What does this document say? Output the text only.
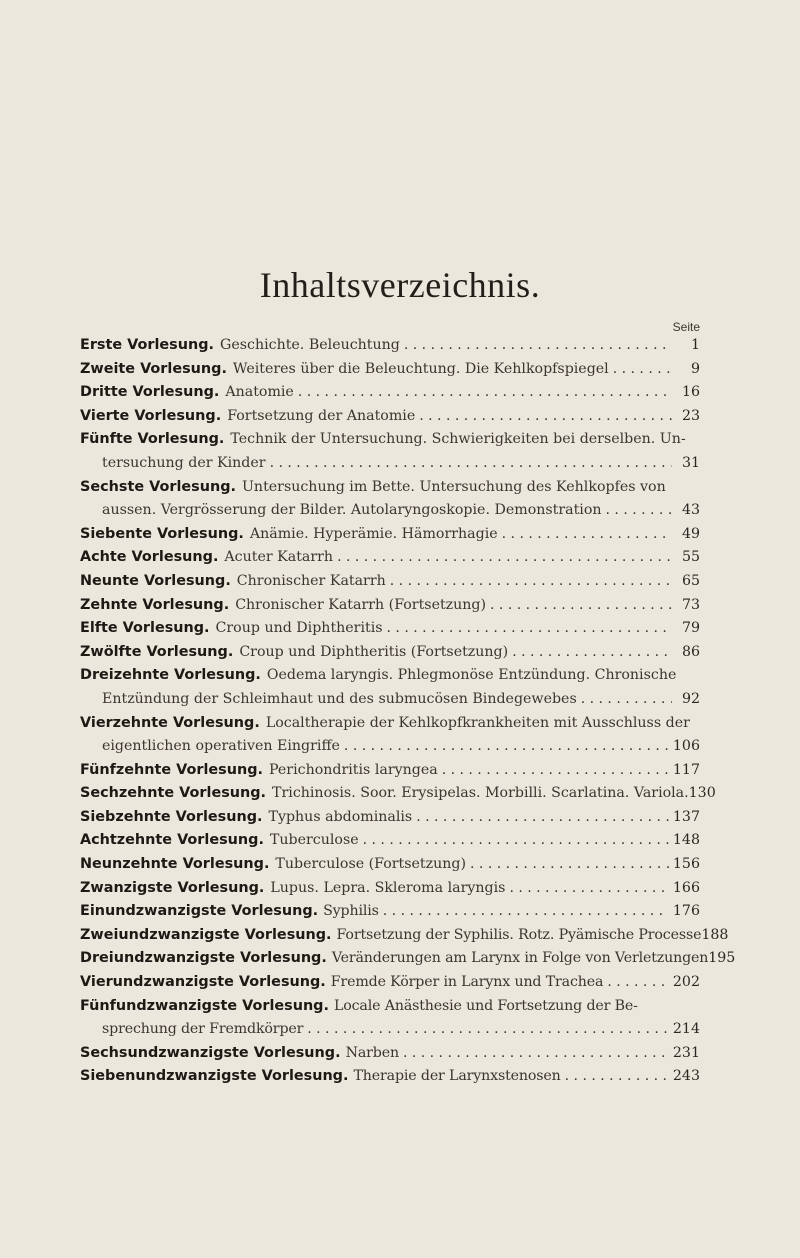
Inhaltsverzeichnis.
Seite
Erste Vorlesung. Geschichte. Beleuchtung . . .	1
Zweite Vorlesung. Weiteres über die Beleuchtung. Die Kehlkopfspiegel . . .	9
Dritte Vorlesung. Anatomie . . .	16
Vierte Vorlesung. Fortsetzung der Anatomie . . .	23
Fünfte Vorlesung. Technik der Untersuchung. Schwierigkeiten bei derselben. Un-
tersuchung der Kinder . . .	31
Sechste Vorlesung. Untersuchung im Bette. Untersuchung des Kehlkopfes von
aussen. Vergrösserung der Bilder. Autolaryngoskopie. Demonstration . . .	43
Siebente Vorlesung. Anämie. Hyperämie. Hämorrhagie . . .	49
Achte Vorlesung. Acuter Katarrh . . .	55
Neunte Vorlesung. Chronischer Katarrh . . .	65
Zehnte Vorlesung. Chronischer Katarrh (Fortsetzung) . . .	73
Elfte Vorlesung. Croup und Diphtheritis . . .	79
Zwölfte Vorlesung. Croup und Diphtheritis (Fortsetzung) . . .	86
Dreizehnte Vorlesung. Oedema laryngis. Phlegmonöse Entzündung. Chronische
Entzündung der Schleimhaut und des submucösen Bindegewebes . . .	92
Vierzehnte Vorlesung. Localtherapie der Kehlkopfkrankheiten mit Ausschluss der
eigentlichen operativen Eingriffe . . .	106
Fünfzehnte Vorlesung. Perichondritis laryngea . . .	117
Sechzehnte Vorlesung. Trichinosis. Soor. Erysipelas. Morbilli. Scarlatina. Variola. 130
Siebzehnte Vorlesung. Typhus abdominalis . . .	137
Achtzehnte Vorlesung. Tuberculose . . .	148
Neunzehnte Vorlesung. Tuberculose (Fortsetzung) . . .	156
Zwanzigste Vorlesung. Lupus. Lepra. Skleroma laryngis . . .	166
Einundzwanzigste Vorlesung. Syphilis . . .	176
Zweiundzwanzigste Vorlesung. Fortsetzung der Syphilis. Rotz. Pyämische Processe 188
Dreiundzwanzigste Vorlesung. Veränderungen am Larynx in Folge von Verletzungen 195
Vierundzwanzigste Vorlesung. Fremde Körper in Larynx und Trachea . . .	202
Fünfundzwanzigste Vorlesung. Locale Anästhesie und Fortsetzung der Be-
sprechung der Fremdkörper . . .	214
Sechsundzwanzigste Vorlesung. Narben . . .	231
Siebenundzwanzigste Vorlesung. Therapie der Larynxstenosen . . .	243
